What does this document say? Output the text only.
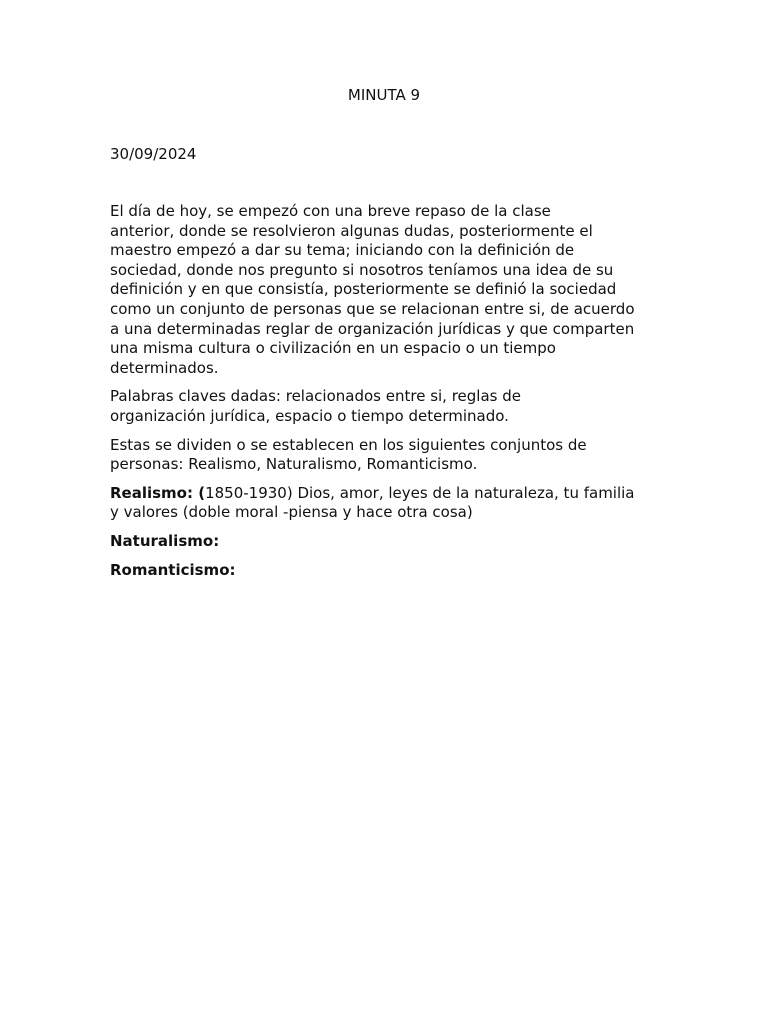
MINUTA 9

30/09/2024

El día de hoy, se empezó con una breve repaso de la clase
anterior, donde se resolvieron algunas dudas, posteriormente el
maestro empezó a dar su tema; iniciando con la definición de
sociedad, donde nos pregunto si nosotros teníamos una idea de su
definición y en que consistía, posteriormente se definió la sociedad
como un conjunto de personas que se relacionan entre si, de acuerdo
a una determinadas reglar de organización jurídicas y que comparten
una misma cultura o civilización en un espacio o un tiempo
determinados.

Palabras claves dadas: relacionados entre si, reglas de
organización jurídica, espacio o tiempo determinado.

Estas se dividen o se establecen en los siguientes conjuntos de
personas: Realismo, Naturalismo, Romanticismo.

Realismo: (1850-1930) Dios, amor, leyes de la naturaleza, tu familia
y valores (doble moral -piensa y hace otra cosa)

Naturalismo:

Romanticismo:
